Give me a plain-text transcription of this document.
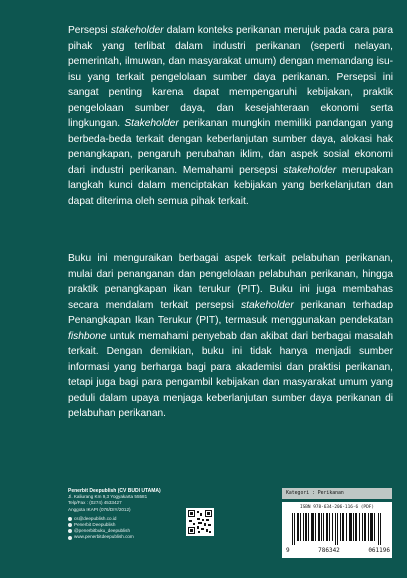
Persepsi stakeholder dalam konteks perikanan merujuk pada cara para pihak yang terlibat dalam industri perikanan (seperti nelayan, pemerintah, ilmuwan, dan masyarakat umum) dengan memandang isu-isu yang terkait pengelolaan sumber daya perikanan. Persepsi ini sangat penting karena dapat mempengaruhi kebijakan, praktik pengelolaan sumber daya, dan kesejahteraan ekonomi serta lingkungan. Stakeholder perikanan mungkin memiliki pandangan yang berbeda-beda terkait dengan keberlanjutan sumber daya, alokasi hak penangkapan, pengaruh perubahan iklim, dan aspek sosial ekonomi dari industri perikanan. Memahami persepsi stakeholder merupakan langkah kunci dalam menciptakan kebijakan yang berkelanjutan dan dapat diterima oleh semua pihak terkait.

Buku ini menguraikan berbagai aspek terkait pelabuhan perikanan, mulai dari penanganan dan pengelolaan pelabuhan perikanan, hingga praktik penangkapan ikan terukur (PIT). Buku ini juga membahas secara mendalam terkait persepsi stakeholder perikanan terhadap Penangkapan Ikan Terukur (PIT), termasuk menggunakan pendekatan fishbone untuk memahami penyebab dan akibat dari berbagai masalah terkait. Dengan demikian, buku ini tidak hanya menjadi sumber informasi yang berharga bagi para akademisi dan praktisi perikanan, tetapi juga bagi para pengambil kebijakan dan masyarakat umum yang peduli dalam upaya menjaga keberlanjutan sumber daya perikanan di pelabuhan perikanan.

Penerbit Deepublish (CV BUDI UTAMA)
Jl. Kaliurang Km 9,3 Yogyakarta 55581
Telp/Fax : (0274) 4533427
Anggota IKAPI (076/DIY/2012)
cs@deepublish.co.id
Penerbit Deepublish
@penerbitbuku_deepublish
www.penerbitdeepublish.com
Kategori : Perikanan
ISBN 978-634-206-116-6 (PDF)
9	786342	061196
